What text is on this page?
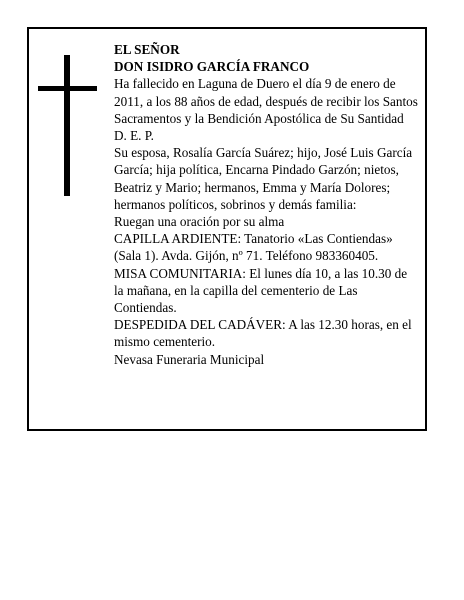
EL SEÑOR

DON ISIDRO GARCÍA FRANCO

Ha fallecido en Laguna de Duero el día 9 de enero de 2011, a los 88 años de edad, después de recibir los Santos Sacramentos y la Bendición Apostólica de Su Santidad

D. E. P.

Su esposa, Rosalía García Suárez; hijo, José Luis García García; hija política, Encarna Pindado Garzón; nietos, Beatriz y Mario; hermanos, Emma y María Dolores; hermanos políticos, sobrinos y demás familia:

Ruegan una oración por su alma

CAPILLA ARDIENTE: Tanatorio «Las Contiendas» (Sala 1). Avda. Gijón, nº 71. Teléfono 983360405.

MISA COMUNITARIA: El lunes día 10, a las 10.30 de la mañana, en la capilla del cementerio de Las Contiendas.

DESPEDIDA DEL CADÁVER: A las 12.30 horas, en el mismo cementerio.

Nevasa Funeraria Municipal
